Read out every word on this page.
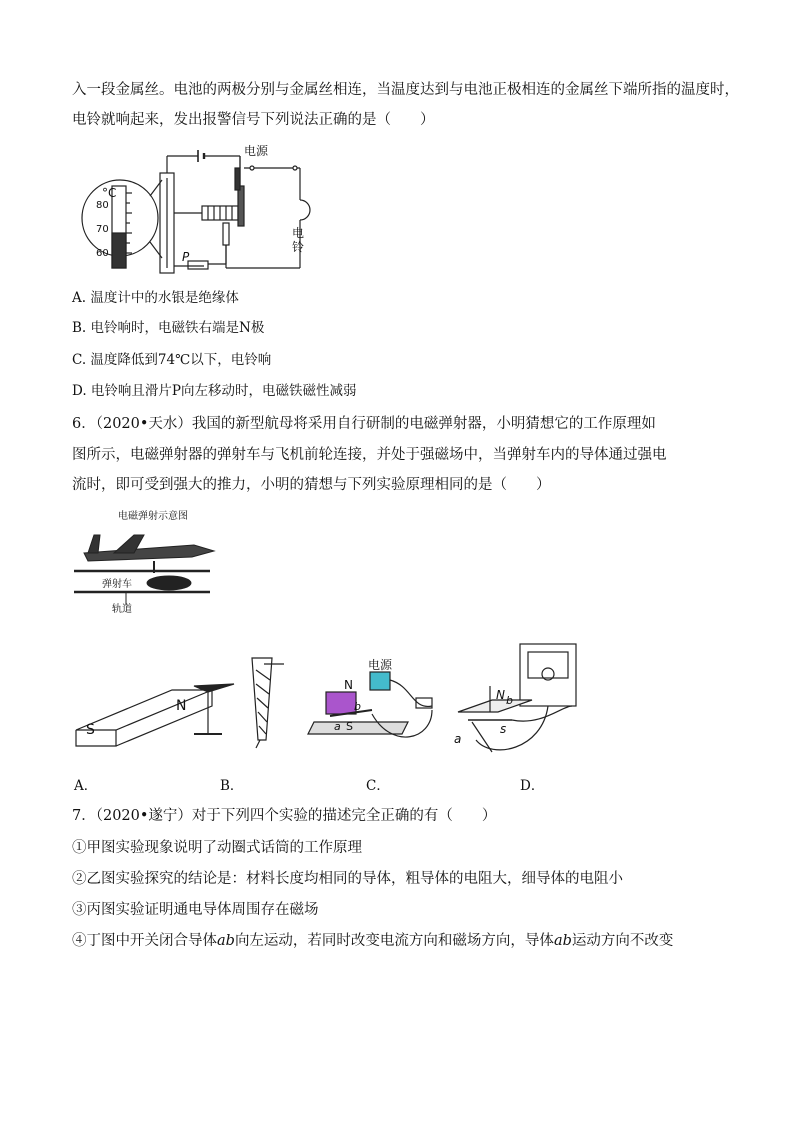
入一段金属丝。电池的两极分别与金属丝相连，当温度达到与电池正极相连的金属丝下端所指的温度时，
电铃就响起来，发出报警信号下列说法正确的是（　　）
°C
80
70
60	P
电源
电
铃
A. 温度计中的水银是绝缘体
B. 电铃响时，电磁铁右端是N极
C. 温度降低到74℃以下，电铃响
D. 电铃响且滑片P向左移动时，电磁铁磁性减弱
6．（2020•天水）我国的新型航母将采用自行研制的电磁弹射器，小明猜想它的工作原理如
图所示，电磁弹射器的弹射车与飞机前轮连接，并处于强磁场中，当弹射车内的导体通过强电
流时，即可受到强大的推力，小明的猜想与下列实验原理相同的是（　　）
电磁弹射示意图
弹射车
轨道
S
N
电源
N
b
a S
N b
a
s
A．	B．	C．	D．
7．（2020•遂宁）对于下列四个实验的描述完全正确的有（　　）
①甲图实验现象说明了动圈式话筒的工作原理
②乙图实验探究的结论是：材料长度均相同的导体，粗导体的电阻大，细导体的电阻小
③丙图实验证明通电导体周围存在磁场
④丁图中开关闭合导体ab向左运动，若同时改变电流方向和磁场方向，导体ab运动方向不改变
